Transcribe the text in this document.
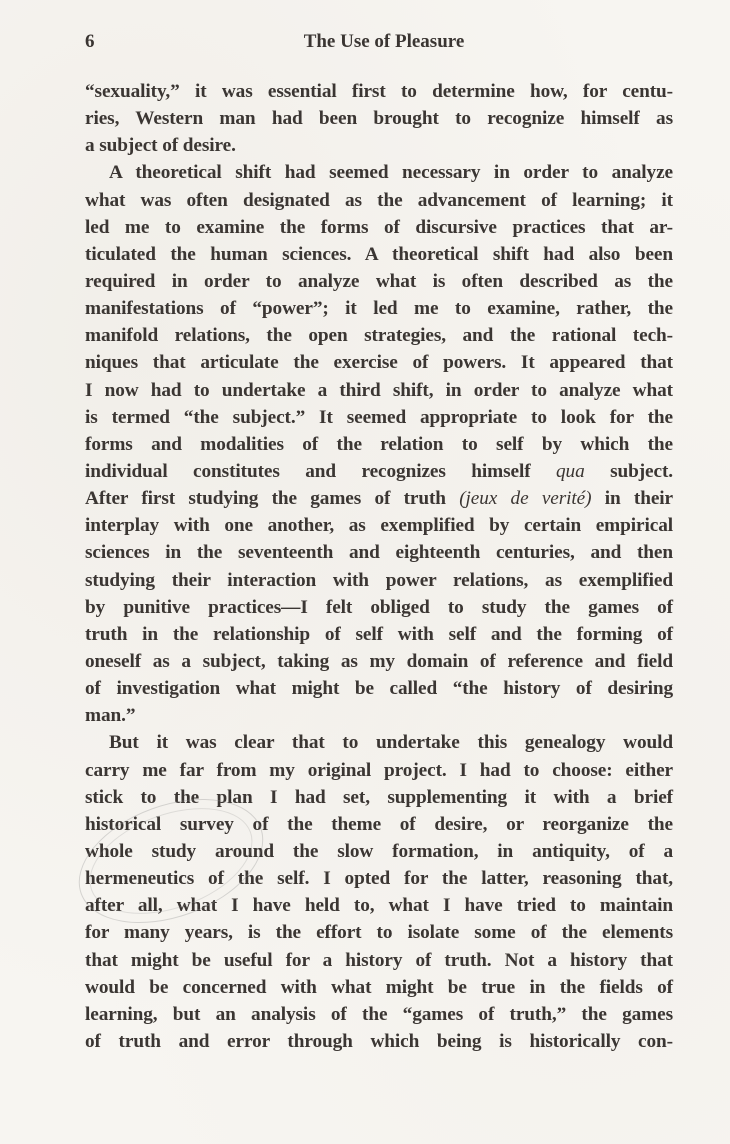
6	The Use of Pleasure
“sexuality,” it was essential first to determine how, for centu-
ries, Western man had been brought to recognize himself as
a subject of desire.
A theoretical shift had seemed necessary in order to analyze
what was often designated as the advancement of learning; it
led me to examine the forms of discursive practices that ar-
ticulated the human sciences. A theoretical shift had also been
required in order to analyze what is often described as the
manifestations of “power”; it led me to examine, rather, the
manifold relations, the open strategies, and the rational tech-
niques that articulate the exercise of powers. It appeared that
I now had to undertake a third shift, in order to analyze what
is termed “the subject.” It seemed appropriate to look for the
forms and modalities of the relation to self by which the
individual constitutes and recognizes himself qua subject.
After first studying the games of truth (jeux de verité) in their
interplay with one another, as exemplified by certain empirical
sciences in the seventeenth and eighteenth centuries, and then
studying their interaction with power relations, as exemplified
by punitive practices—I felt obliged to study the games of
truth in the relationship of self with self and the forming of
oneself as a subject, taking as my domain of reference and field
of investigation what might be called “the history of desiring
man.”
But it was clear that to undertake this genealogy would
carry me far from my original project. I had to choose: either
stick to the plan I had set, supplementing it with a brief
historical survey of the theme of desire, or reorganize the
whole study around the slow formation, in antiquity, of a
hermeneutics of the self. I opted for the latter, reasoning that,
after all, what I have held to, what I have tried to maintain
for many years, is the effort to isolate some of the elements
that might be useful for a history of truth. Not a history that
would be concerned with what might be true in the fields of
learning, but an analysis of the “games of truth,” the games
of truth and error through which being is historically con-
